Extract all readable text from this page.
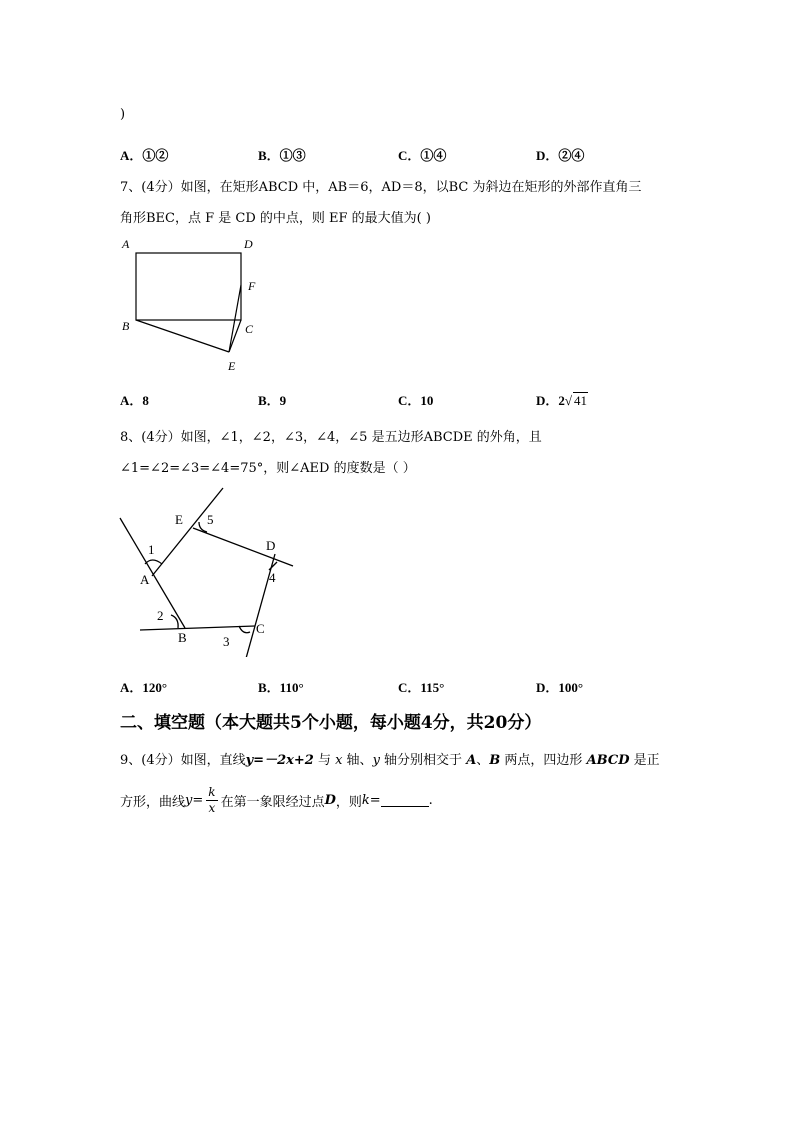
)
A．①②	B．①③	C．①④	D．②④
7、(4分）如图，在矩形ABCD 中，AB＝6，AD＝8，以BC 为斜边在矩形的外部作直角三
角形BEC，点 F 是 CD 的中点，则 EF 的最大值为( )
A	D
F
B	C
E
A．8	B．9	C．10	D．2√ 41
8、(4分）如图，∠1，∠2，∠3，∠4，∠5 是五边形ABCDE 的外角，且
∠1=∠2=∠3=∠4=75°，则∠AED 的度数是（ ）
E 5
D
4
1
A
2
B
C
3
A．120°	B．110°	C．115°	D．100°
二、填空题（本大题共5个小题，每小题4分，共20分）
9、(4分）如图，直线y=－2x+2 与 x 轴、y 轴分别相交于 A、B 两点，四边形 ABCD 是正
方形，曲线 $y = \frac{k}{x}$ 在第一象限经过点 D ，则 k =	.
